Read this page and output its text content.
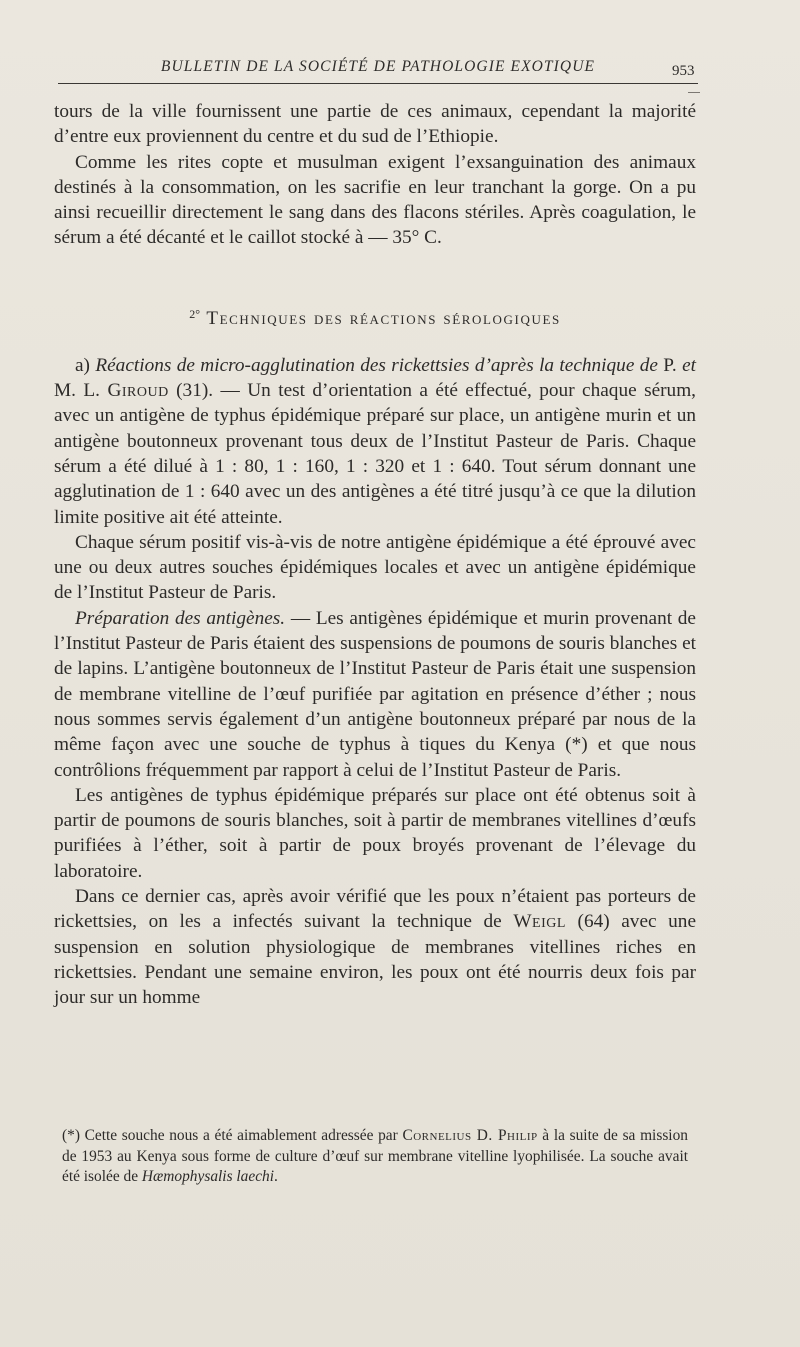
BULLETIN DE LA SOCIÉTÉ DE PATHOLOGIE EXOTIQUE	953

tours de la ville fournissent une partie de ces animaux, cependant la majorité d’entre eux proviennent du centre et du sud de l’Ethiopie.

Comme les rites copte et musulman exigent l’exsanguination des animaux destinés à la consommation, on les sacrifie en leur tranchant la gorge. On a pu ainsi recueillir directement le sang dans des flacons stériles. Après coagulation, le sérum a été décanté et le caillot stocké à — 35° C.

$^{2^\circ}$ Techniques des réactions sérologiques

a) Réactions de micro-agglutination des rickettsies d’après la technique de P. et M. L. Giroud (31). — Un test d’orientation a été effectué, pour chaque sérum, avec un antigène de typhus épidémique préparé sur place, un antigène murin et un antigène boutonneux provenant tous deux de l’Institut Pasteur de Paris. Chaque sérum a été dilué à 1 : 80, 1 : 160, 1 : 320 et 1 : 640. Tout sérum donnant une agglutination de 1 : 640 avec un des antigènes a été titré jusqu’à ce que la dilution limite positive ait été atteinte.

Chaque sérum positif vis-à-vis de notre antigène épidémique a été éprouvé avec une ou deux autres souches épidémiques locales et avec un antigène épidémique de l’Institut Pasteur de Paris.

Préparation des antigènes. — Les antigènes épidémique et murin provenant de l’Institut Pasteur de Paris étaient des suspensions de poumons de souris blanches et de lapins. L’antigène boutonneux de l’Institut Pasteur de Paris était une suspension de membrane vitelline de l’œuf purifiée par agitation en présence d’éther ; nous nous sommes servis également d’un antigène boutonneux préparé par nous de la même façon avec une souche de typhus à tiques du Kenya (*) et que nous contrôlions fréquemment par rapport à celui de l’Institut Pasteur de Paris.

Les antigènes de typhus épidémique préparés sur place ont été obtenus soit à partir de poumons de souris blanches, soit à partir de membranes vitellines d’œufs purifiées à l’éther, soit à partir de poux broyés provenant de l’élevage du laboratoire.

Dans ce dernier cas, après avoir vérifié que les poux n’étaient pas porteurs de rickettsies, on les a infectés suivant la technique de Weigl (64) avec une suspension en solution physiologique de membranes vitellines riches en rickettsies. Pendant une semaine environ, les poux ont été nourris deux fois par jour sur un homme

(*) Cette souche nous a été aimablement adressée par Cornelius D. Philip à la suite de sa mission de 1953 au Kenya sous forme de culture d’œuf sur membrane vitelline lyophilisée. La souche avait été isolée de Hæmophysalis laechi.
